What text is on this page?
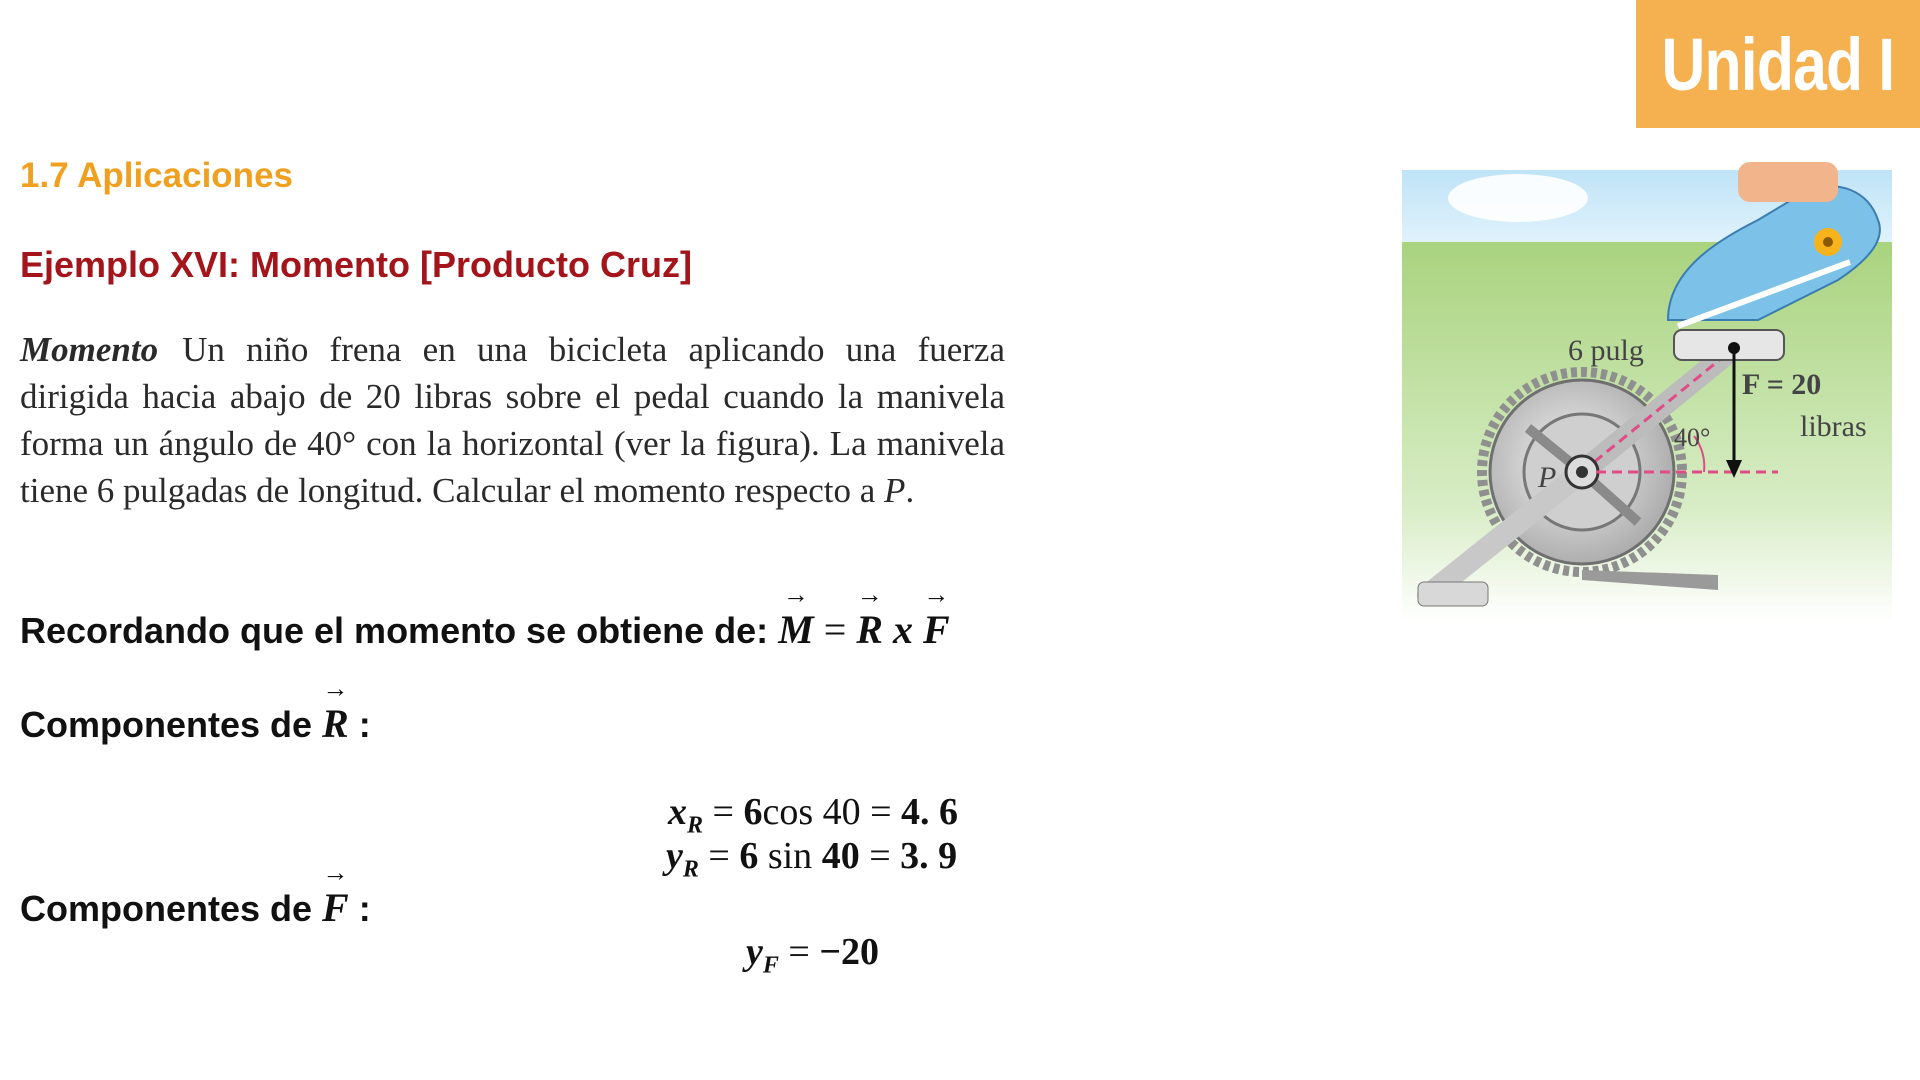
Unidad I
1.7 Aplicaciones
Ejemplo XVI: Momento [Producto Cruz]
Momento Un niño frena en una bicicleta aplicando una fuerza dirigida hacia abajo de 20 libras sobre el pedal cuando la manivela forma un ángulo de 40° con la horizontal (ver la figura). La manivela tiene 6 pulgadas de longitud. Calcular el momento respecto a P.
Recordando que el momento se obtiene de: → M = → R x → F
Componentes de → R :
$x_R = 6\cos$ 40 = 4. 6
$y_R = 6$ sin 40 = 3. 9
Componentes de → F :
$y_F = -20$
P
40°
6 pulg
F = 20
libras
